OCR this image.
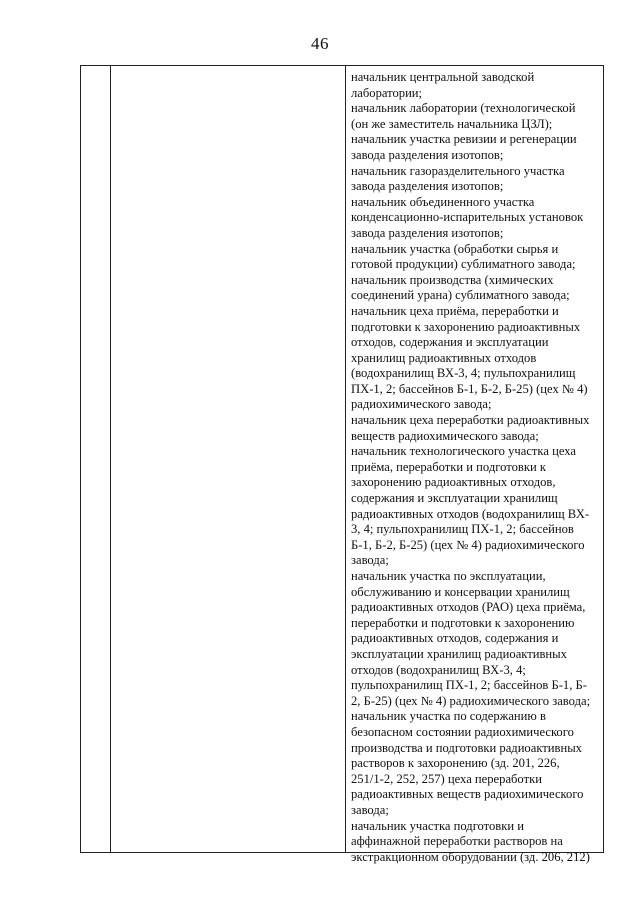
46
начальник центральной заводской
лаборатории;
начальник лаборатории (технологической
(он же заместитель начальника ЦЗЛ);
начальник участка ревизии и регенерации
завода разделения изотопов;
начальник газоразделительного участка
завода разделения изотопов;
начальник объединенного участка
конденсационно-испарительных установок
завода разделения изотопов;
начальник участка (обработки сырья и
готовой продукции) сублиматного завода;
начальник производства (химических
соединений урана) сублиматного завода;
начальник цеха приёма, переработки и
подготовки к захоронению радиоактивных
отходов, содержания и эксплуатации
хранилищ радиоактивных отходов
(водохранилищ ВХ-3, 4; пульпохранилищ
ПХ-1, 2; бассейнов Б-1, Б-2, Б-25) (цех № 4)
радиохимического завода;
начальник цеха переработки радиоактивных
веществ радиохимического завода;
начальник технологического участка цеха
приёма, переработки и подготовки к
захоронению радиоактивных отходов,
содержания и эксплуатации хранилищ
радиоактивных отходов (водохранилищ ВХ-
3, 4; пульпохранилищ ПХ-1, 2; бассейнов
Б-1, Б-2, Б-25) (цех № 4) радиохимического
завода;
начальник участка по эксплуатации,
обслуживанию и консервации хранилищ
радиоактивных отходов (РАО) цеха приёма,
переработки и подготовки к захоронению
радиоактивных отходов, содержания и
эксплуатации хранилищ радиоактивных
отходов (водохранилищ ВХ-3, 4;
пульпохранилищ ПХ-1, 2; бассейнов Б-1, Б-
2, Б-25) (цех № 4) радиохимического завода;
начальник участка по содержанию в
безопасном состоянии радиохимического
производства и подготовки радиоактивных
растворов к захоронению (зд. 201, 226,
251/1-2, 252, 257) цеха переработки
радиоактивных веществ радиохимического
завода;
начальник участка подготовки и
аффинажной переработки растворов на
экстракционном оборудовании (зд. 206, 212)
